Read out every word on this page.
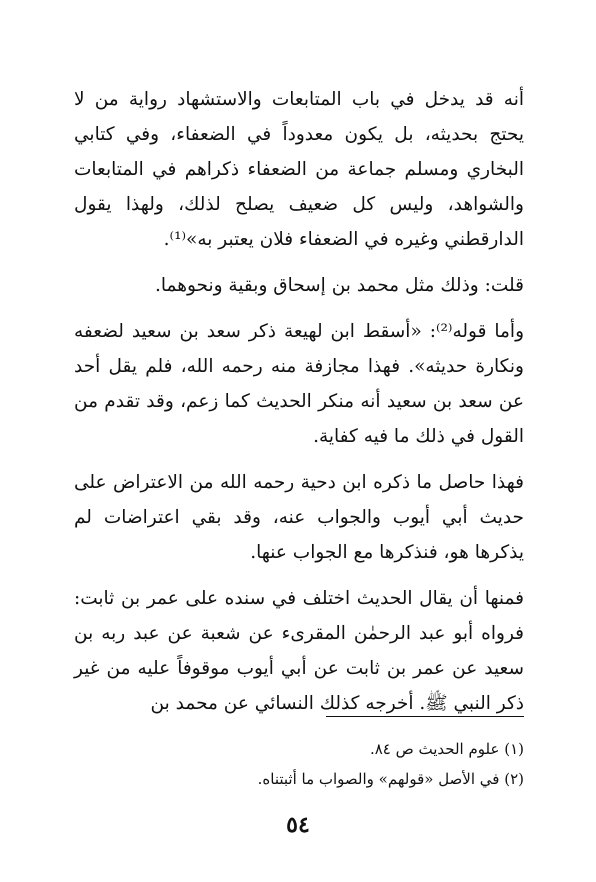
أنه قد يدخل في باب المتابعات والاستشهاد رواية من لا يحتج بحديثه، بل يكون معدوداً في الضعفاء، وفي كتابي البخاري ومسلم جماعة من الضعفاء ذكراهم في المتابعات والشواهد، وليس كل ضعيف يصلح لذلك، ولهذا يقول الدارقطني وغيره في الضعفاء فلان يعتبر به»⁽¹⁾.

قلت: وذلك مثل محمد بن إسحاق وبقية ونحوهما.

وأما قوله⁽²⁾: «أسقط ابن لهيعة ذكر سعد بن سعيد لضعفه ونكارة حديثه». فهذا مجازفة منه رحمه الله، فلم يقل أحد عن سعد بن سعيد أنه منكر الحديث كما زعم، وقد تقدم من القول في ذلك ما فيه كفاية.

فهذا حاصل ما ذكره ابن دحية رحمه الله من الاعتراض على حديث أبي أيوب والجواب عنه، وقد بقي اعتراضات لم يذكرها هو، فنذكرها مع الجواب عنها.

فمنها أن يقال الحديث اختلف في سنده على عمر بن ثابت: فرواه أبو عبد الرحمٰن المقرىء عن شعبة عن عبد ربه بن سعيد عن عمر بن ثابت عن أبي أيوب موقوفاً عليه من غير ذكر النبي ﷺ. أخرجه كذلك النسائي عن محمد بن

(١) علوم الحديث ص ٨٤.

(٢) في الأصل «قولهم» والصواب ما أثبتناه.

٥٤
